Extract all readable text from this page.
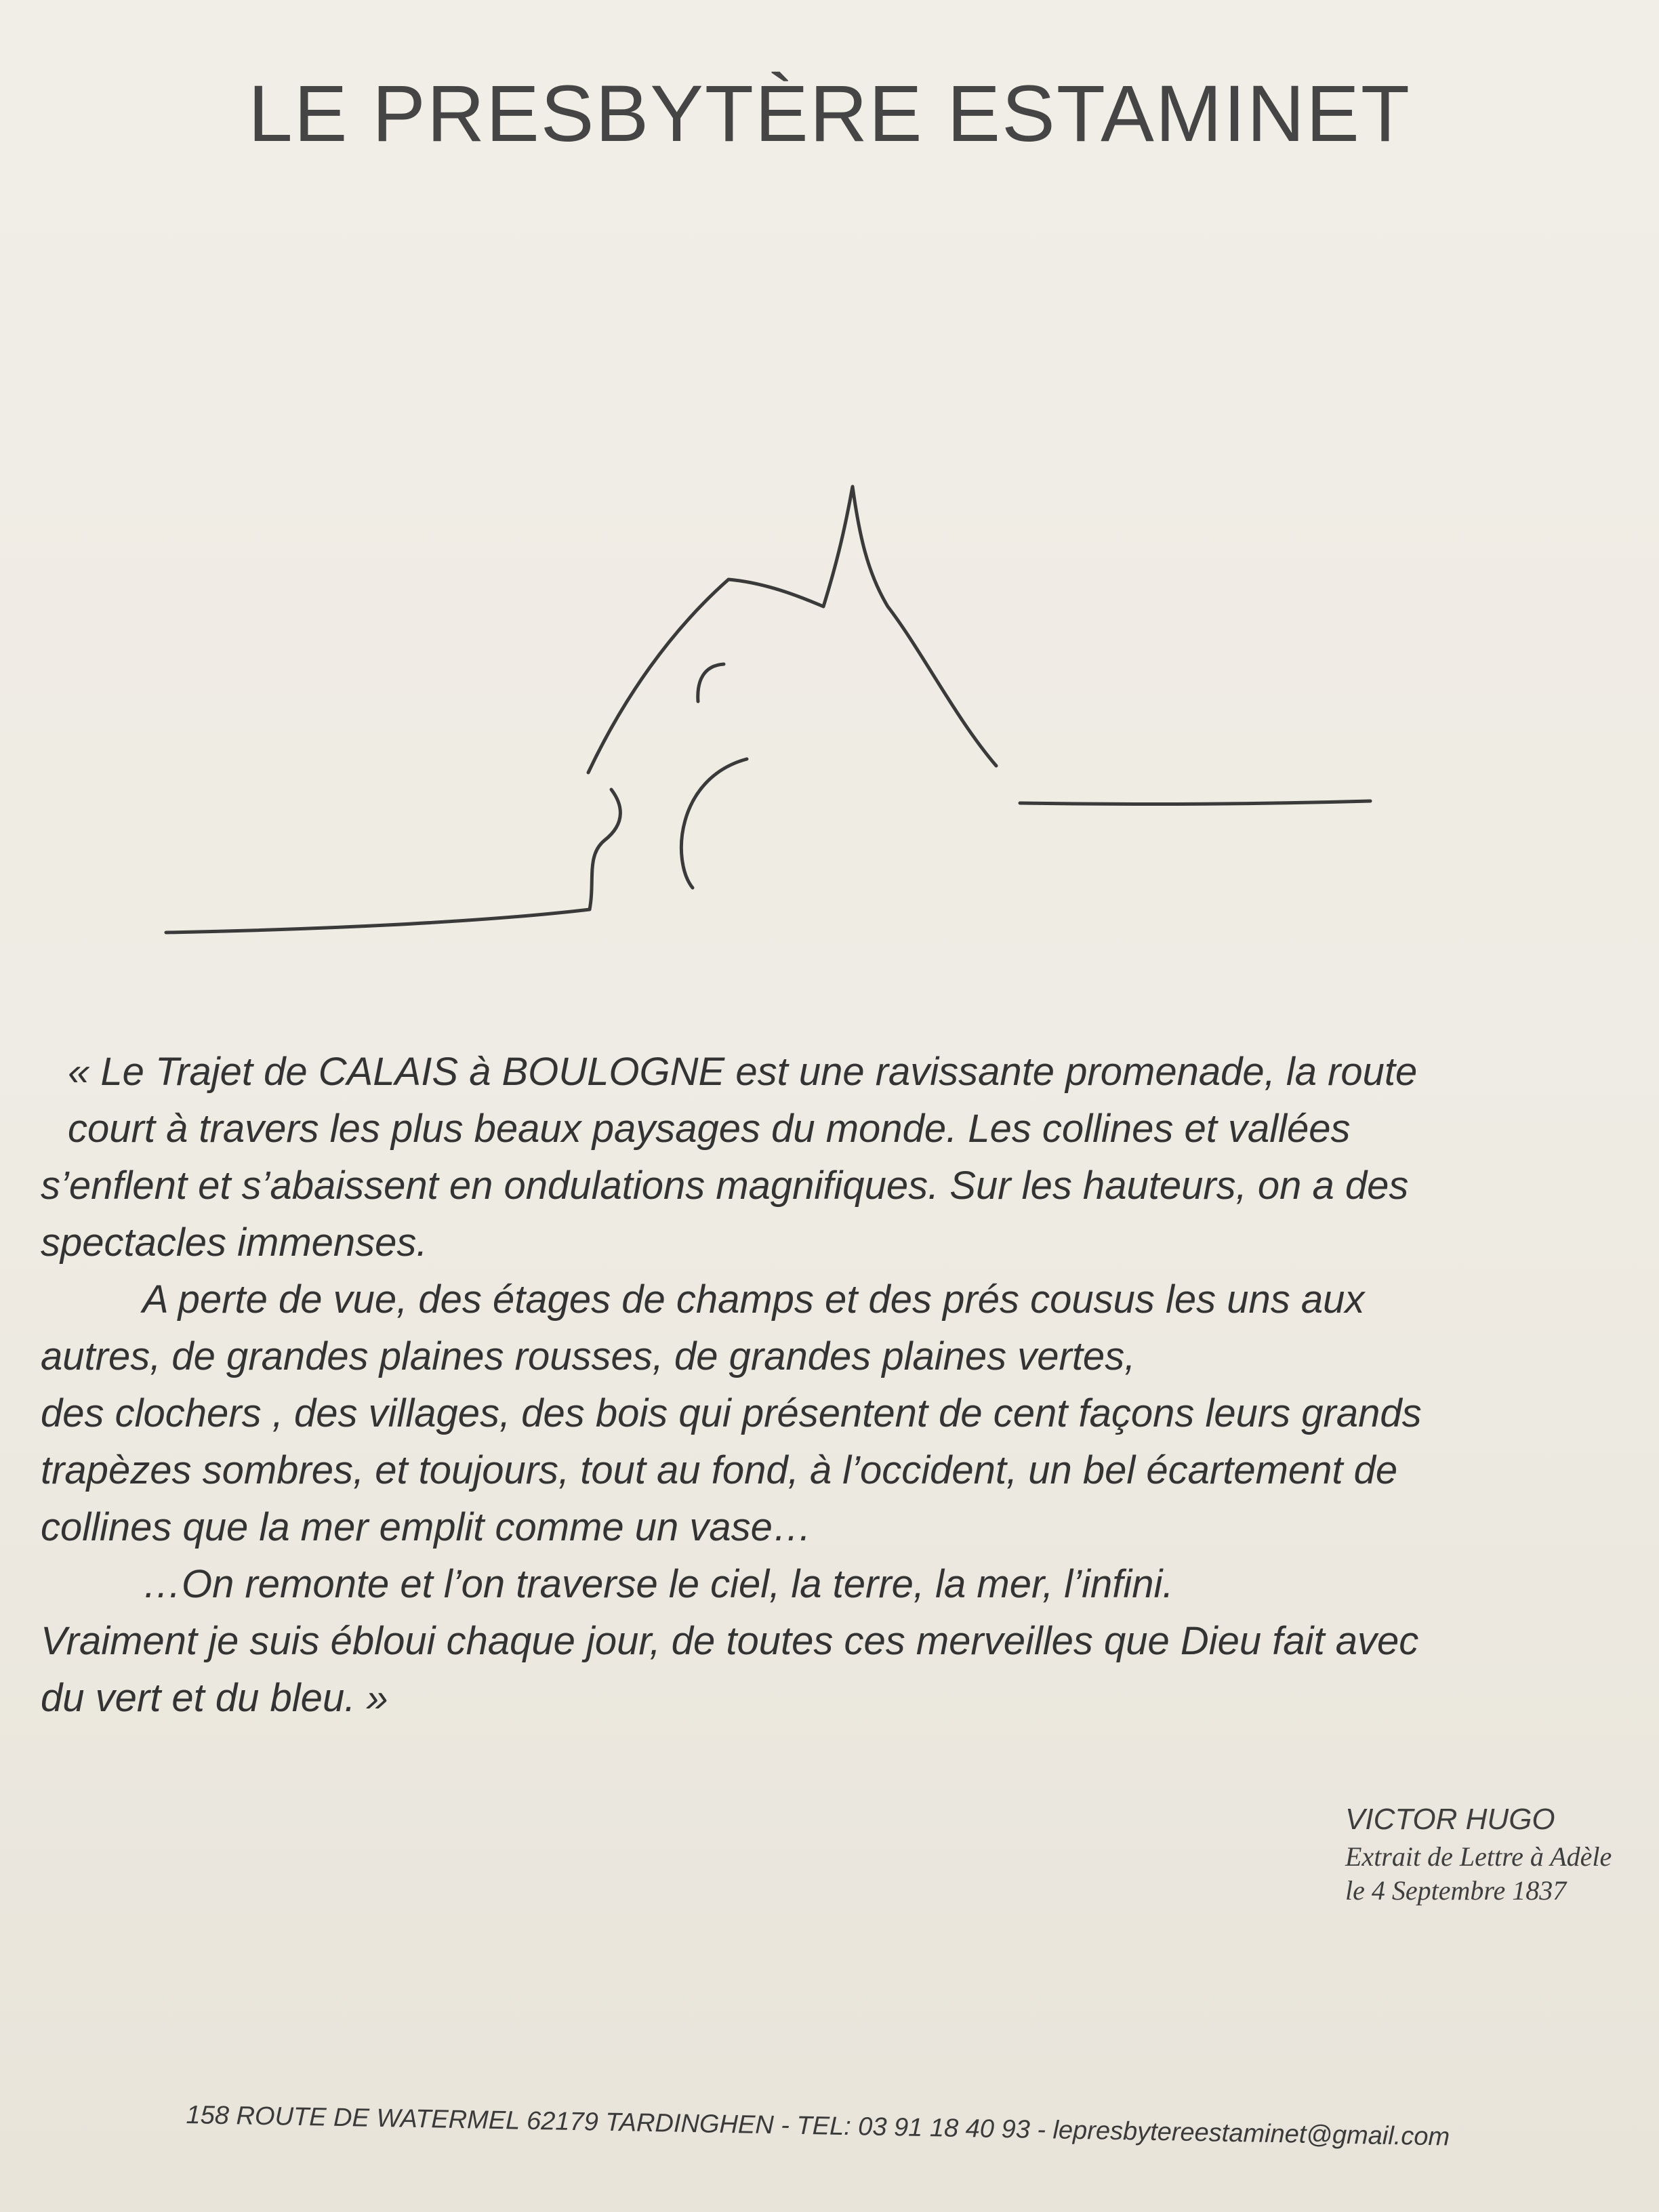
LE PRESBYTÈRE ESTAMINET

« Le Trajet de CALAIS à BOULOGNE est une ravissante promenade, la route

court à travers les plus beaux paysages du monde. Les collines et vallées

s’enflent et s’abaissent en ondulations magnifiques. Sur les hauteurs, on a des

spectacles immenses.

A perte de vue, des étages de champs et des prés cousus les uns aux

autres, de grandes plaines rousses, de grandes plaines vertes,

des clochers , des villages, des bois qui présentent de cent façons leurs grands

trapèzes sombres, et toujours, tout au fond, à l’occident, un bel écartement de

collines que la mer emplit comme un vase…

…On remonte et l’on traverse le ciel, la terre, la mer, l’infini.

Vraiment je suis ébloui chaque jour, de toutes ces merveilles que Dieu fait avec

du vert et du bleu. »

VICTOR HUGO
Extrait de Lettre à Adèle
le 4 Septembre 1837
158 ROUTE DE WATERMEL 62179 TARDINGHEN - TEL: 03 91 18 40 93 - lepresbytereestaminet@gmail.com
